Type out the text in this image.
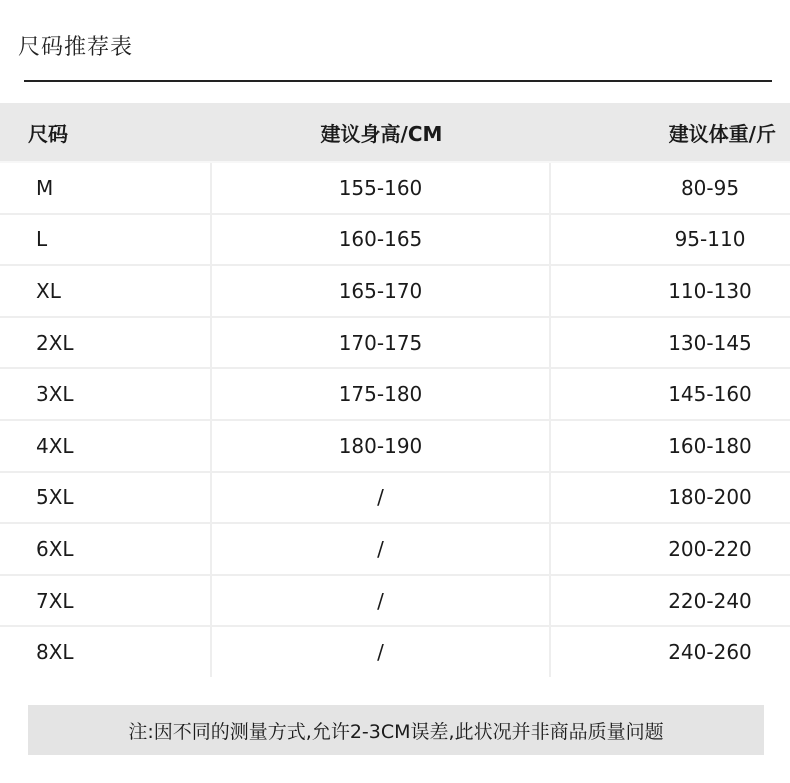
尺码推荐表
尺码	建议身高/CM	建议体重/斤
M	155-160	80-95
L	160-165	95-110
XL	165-170	110-130
2XL	170-175	130-145
3XL	175-180	145-160
4XL	180-190	160-180
5XL	/	180-200
6XL	/	200-220
7XL	/	220-240
8XL	/	240-260
注:因不同的测量方式,允许2-3CM误差,此状况并非商品质量问题
